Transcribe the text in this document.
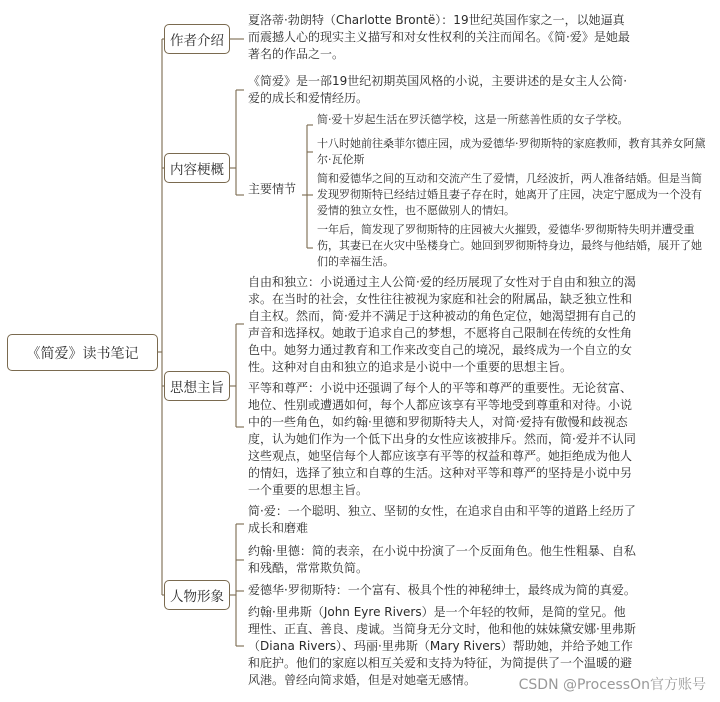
《简爱》读书笔记
作者介绍
内容梗概
思想主旨
人物形象
夏洛蒂·勃朗特（Charlotte Brontë）：19世纪英国作家之一，以她逼真而震撼人心的现实主义描写和对女性权利的关注而闻名。《简·爱》是她最著名的作品之一。
《简爱》是一部19世纪初期英国风格的小说，主要讲述的是女主人公简·爱的成长和爱情经历。
主要情节
简·爱十岁起生活在罗沃德学校，这是一所慈善性质的女子学校。
十八时她前往桑菲尔德庄园，成为爱德华·罗彻斯特的家庭教师，教育其养女阿黛尔·瓦伦斯
简和爱德华之间的互动和交流产生了爱情，几经波折，两人准备结婚。但是当简发现罗彻斯特已经结过婚且妻子存在时，她离开了庄园，决定宁愿成为一个没有爱情的独立女性，也不愿做别人的情妇。
一年后，简发现了罗彻斯特的庄园被大火摧毁，爱德华·罗彻斯特失明并遭受重伤，其妻已在火灾中坠楼身亡。她回到罗彻斯特身边，最终与他结婚，展开了她们的幸福生活。
自由和独立：小说通过主人公简·爱的经历展现了女性对于自由和独立的渴求。在当时的社会，女性往往被视为家庭和社会的附属品，缺乏独立性和自主权。然而，简·爱并不满足于这种被动的角色定位，她渴望拥有自己的声音和选择权。她敢于追求自己的梦想，不愿将自己限制在传统的女性角色中。她努力通过教育和工作来改变自己的境况，最终成为一个自立的女性。这种对自由和独立的追求是小说中一个重要的思想主旨。
平等和尊严：小说中还强调了每个人的平等和尊严的重要性。无论贫富、地位、性别或遭遇如何，每个人都应该享有平等地受到尊重和对待。小说中的一些角色，如约翰·里德和罗彻斯特夫人，对简·爱持有傲慢和歧视态度，认为她们作为一个低下出身的女性应该被排斥。然而，简·爱并不认同这些观点，她坚信每个人都应该享有平等的权益和尊严。她拒绝成为他人的情妇，选择了独立和自尊的生活。这种对平等和尊严的坚持是小说中另一个重要的思想主旨。
简·爱：一个聪明、独立、坚韧的女性，在追求自由和平等的道路上经历了成长和磨难
约翰·里德：简的表亲，在小说中扮演了一个反面角色。他生性粗暴、自私和残酷，常常欺负简。
爱德华·罗彻斯特：一个富有、极具个性的神秘绅士，最终成为简的真爱。
约翰·里弗斯（John Eyre Rivers）是一个年轻的牧师，是简的堂兄。他理性、正直、善良、虔诚。当简身无分文时，他和他的妹妹黛安娜·里弗斯（Diana Rivers）、玛丽·里弗斯（Mary Rivers）帮助她，并给予她工作和庇护。他们的家庭以相互关爱和支持为特征，为简提供了一个温暖的避风港。曾经向简求婚，但是对她毫无感情。	CSDN @ProcessOn官方账号
